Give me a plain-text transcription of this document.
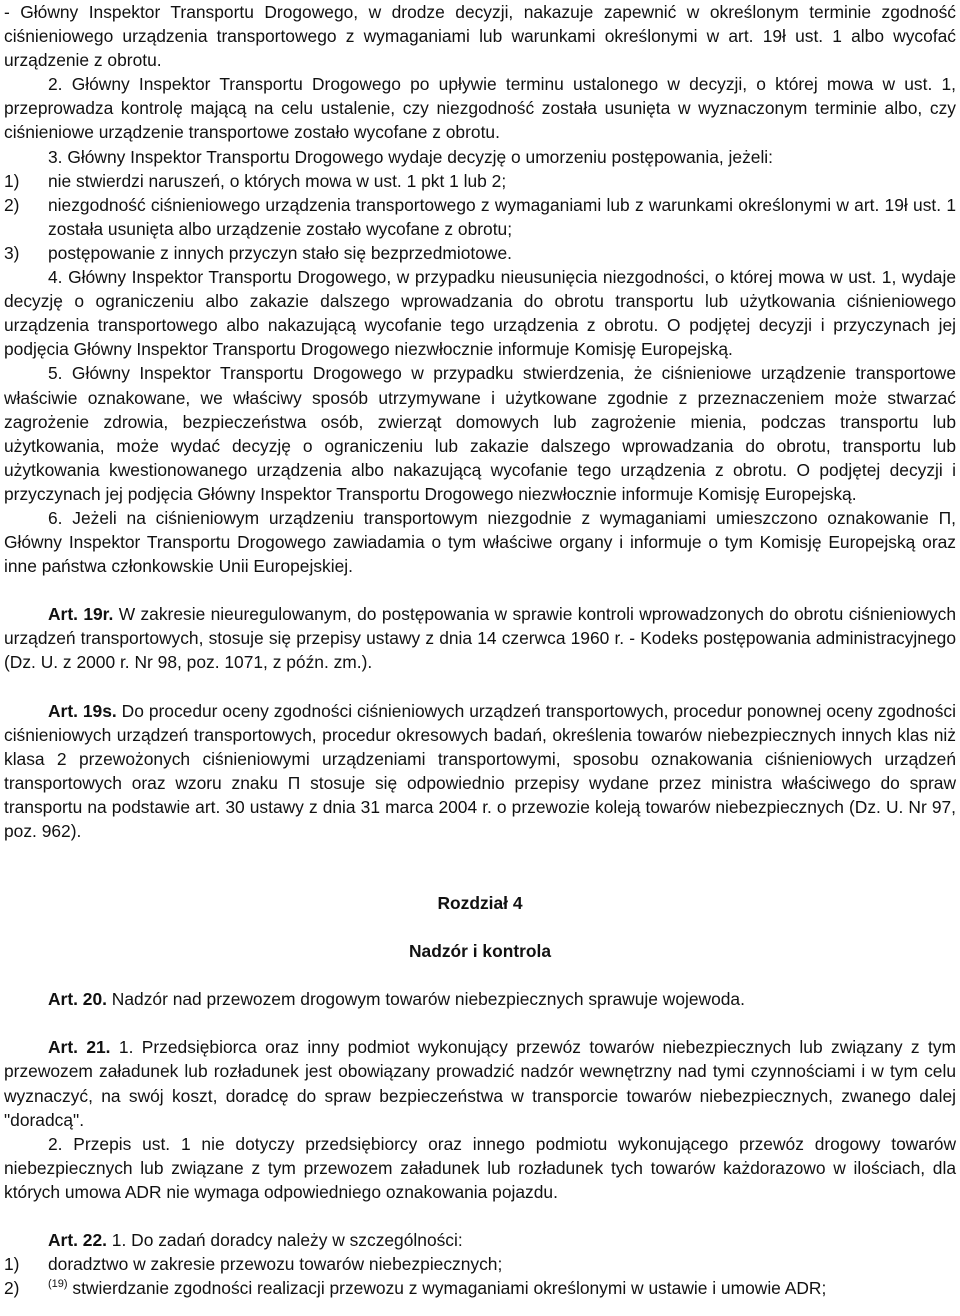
- Główny Inspektor Transportu Drogowego, w drodze decyzji, nakazuje zapewnić w określonym terminie zgodność ciśnieniowego urządzenia transportowego z wymaganiami lub warunkami określonymi w art. 19ł ust. 1 albo wycofać urządzenie z obrotu.

2. Główny Inspektor Transportu Drogowego po upływie terminu ustalonego w decyzji, o której mowa w ust. 1, przeprowadza kontrolę mającą na celu ustalenie, czy niezgodność została usunięta w wyznaczonym terminie albo, czy ciśnieniowe urządzenie transportowe zostało wycofane z obrotu.

3. Główny Inspektor Transportu Drogowego wydaje decyzję o umorzeniu postępowania, jeżeli:

1)	nie stwierdzi naruszeń, o których mowa w ust. 1 pkt 1 lub 2;
2)	niezgodność ciśnieniowego urządzenia transportowego z wymaganiami lub z warunkami określonymi w art. 19ł ust. 1 została usunięta albo urządzenie zostało wycofane z obrotu;
3)	postępowanie z innych przyczyn stało się bezprzedmiotowe.

4. Główny Inspektor Transportu Drogowego, w przypadku nieusunięcia niezgodności, o której mowa w ust. 1, wydaje decyzję o ograniczeniu albo zakazie dalszego wprowadzania do obrotu transportu lub użytkowania ciśnieniowego urządzenia transportowego albo nakazującą wycofanie tego urządzenia z obrotu. O podjętej decyzji i przyczynach jej podjęcia Główny Inspektor Transportu Drogowego niezwłocznie informuje Komisję Europejską.

5. Główny Inspektor Transportu Drogowego w przypadku stwierdzenia, że ciśnieniowe urządzenie transportowe właściwie oznakowane, we właściwy sposób utrzymywane i użytkowane zgodnie z przeznaczeniem może stwarzać zagrożenie zdrowia, bezpieczeństwa osób, zwierząt domowych lub zagrożenie mienia, podczas transportu lub użytkowania, może wydać decyzję o ograniczeniu lub zakazie dalszego wprowadzania do obrotu, transportu lub użytkowania kwestionowanego urządzenia albo nakazującą wycofanie tego urządzenia z obrotu. O podjętej decyzji i przyczynach jej podjęcia Główny Inspektor Transportu Drogowego niezwłocznie informuje Komisję Europejską.

6. Jeżeli na ciśnieniowym urządzeniu transportowym niezgodnie z wymaganiami umieszczono oznakowanie Π, Główny Inspektor Transportu Drogowego zawiadamia o tym właściwe organy i informuje o tym Komisję Europejską oraz inne państwa członkowskie Unii Europejskiej.

Art. 19r. W zakresie nieuregulowanym, do postępowania w sprawie kontroli wprowadzonych do obrotu ciśnieniowych urządzeń transportowych, stosuje się przepisy ustawy z dnia 14 czerwca 1960 r. - Kodeks postępowania administracyjnego (Dz. U. z 2000 r. Nr 98, poz. 1071, z późn. zm.).

Art. 19s. Do procedur oceny zgodności ciśnieniowych urządzeń transportowych, procedur ponownej oceny zgodności ciśnieniowych urządzeń transportowych, procedur okresowych badań, określenia towarów niebezpiecznych innych klas niż klasa 2 przewożonych ciśnieniowymi urządzeniami transportowymi, sposobu oznakowania ciśnieniowych urządzeń transportowych oraz wzoru znaku Π stosuje się odpowiednio przepisy wydane przez ministra właściwego do spraw transportu na podstawie art. 30 ustawy z dnia 31 marca 2004 r. o przewozie koleją towarów niebezpiecznych (Dz. U. Nr 97, poz. 962).

Rozdział 4

Nadzór i kontrola

Art. 20. Nadzór nad przewozem drogowym towarów niebezpiecznych sprawuje wojewoda.

Art. 21. 1. Przedsiębiorca oraz inny podmiot wykonujący przewóz towarów niebezpiecznych lub związany z tym przewozem załadunek lub rozładunek jest obowiązany prowadzić nadzór wewnętrzny nad tymi czynnościami i w tym celu wyznaczyć, na swój koszt, doradcę do spraw bezpieczeństwa w transporcie towarów niebezpiecznych, zwanego dalej "doradcą".

2. Przepis ust. 1 nie dotyczy przedsiębiorcy oraz innego podmiotu wykonującego przewóz drogowy towarów niebezpiecznych lub związane z tym przewozem załadunek lub rozładunek tych towarów każdorazowo w ilościach, dla których umowa ADR nie wymaga odpowiedniego oznakowania pojazdu.

Art. 22. 1. Do zadań doradcy należy w szczególności:

1)	doradztwo w zakresie przewozu towarów niebezpiecznych;
2)	$^{(19)}$ stwierdzanie zgodności realizacji przewozu z wymaganiami określonymi w ustawie i umowie ADR;
